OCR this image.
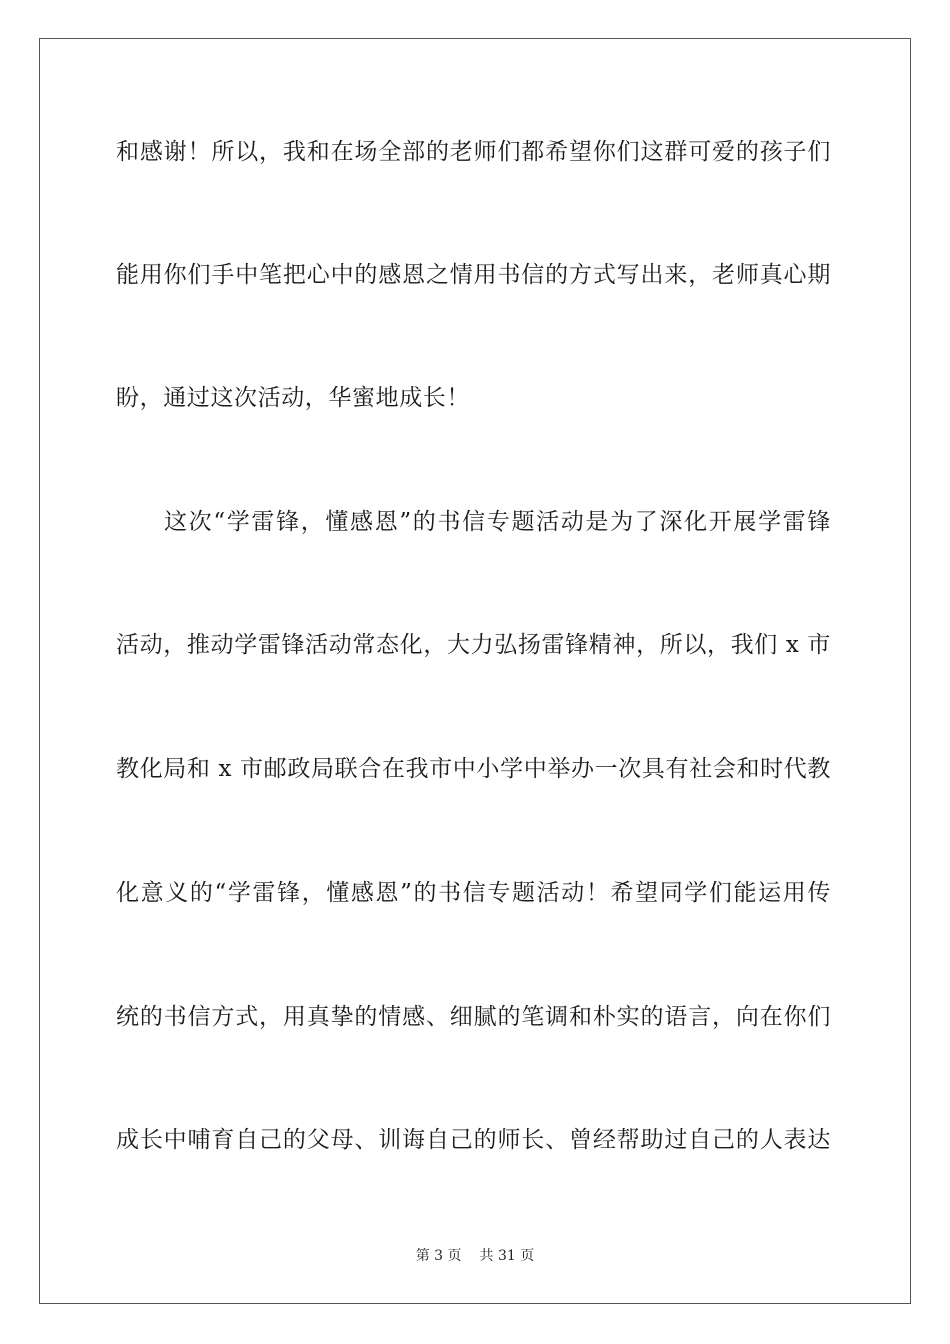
和感谢！所以，我和在场全部的老师们都希望你们这群可爱的孩子们
能用你们手中笔把心中的感恩之情用书信的方式写出来，老师真心期
盼，通过这次活动，华蜜地成长！
这次“学雷锋，懂感恩”的书信专题活动是为了深化开展学雷锋
活动，推动学雷锋活动常态化，大力弘扬雷锋精神，所以，我们 x 市
教化局和 x 市邮政局联合在我市中小学中举办一次具有社会和时代教
化意义的“学雷锋，懂感恩”的书信专题活动！希望同学们能运用传
统的书信方式，用真挚的情感、细腻的笔调和朴实的语言，向在你们
成长中哺育自己的父母、训诲自己的师长、曾经帮助过自己的人表达
第 3 页 共 31 页
